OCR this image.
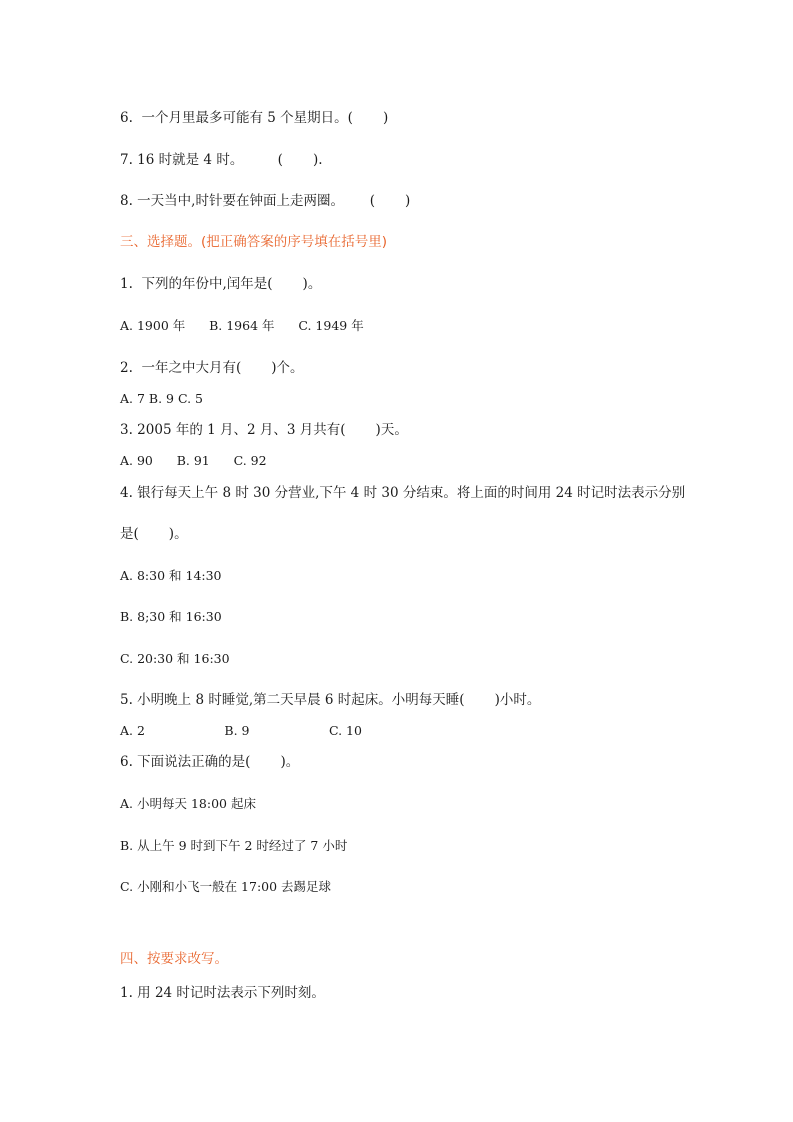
6.  一个月里最多可能有 5 个星期日。(       )
7. 16 时就是 4 时。        (       ).
8. 一天当中,时针要在钟面上走两圈。      (       )
三、选择题。(把正确答案的序号填在括号里)
1.  下列的年份中,闰年是(       )。
A. 1900 年      B. 1964 年      C. 1949 年
2.  一年之中大月有(       )个。
A. 7 B. 9 C. 5
3. 2005 年的 1 月、2 月、3 月共有(       )天。
A. 90      B. 91      C. 92
4. 银行每天上午 8 时 30 分营业,下午 4 时 30 分结束。将上面的时间用 24 时记时法表示分别
是(       )。
A. 8:30 和 14:30
B. 8;30 和 16:30
C. 20:30 和 16:30
5. 小明晚上 8 时睡觉,第二天早晨 6 时起床。小明每天睡(       )小时。
A. 2                    B. 9                    C. 10
6. 下面说法正确的是(       )。
A. 小明每天 18:00 起床
B. 从上午 9 时到下午 2 时经过了 7 小时
C. 小刚和小飞一般在 17:00 去踢足球
四、按要求改写。
1. 用 24 时记时法表示下列时刻。
